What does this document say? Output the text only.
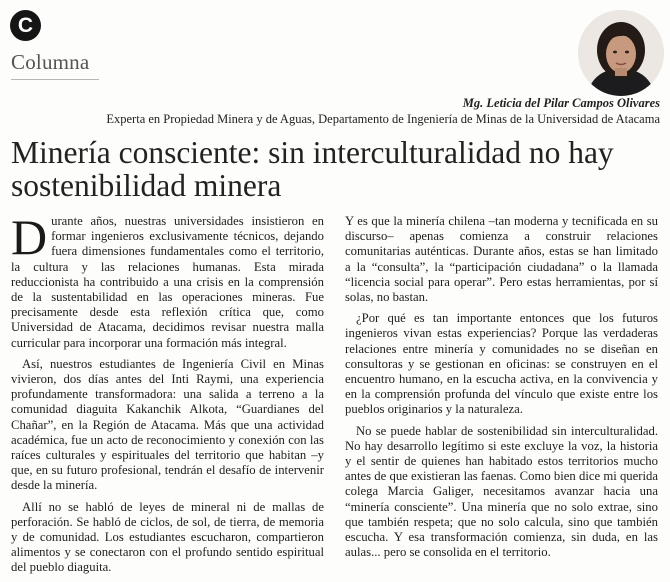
C
Columna
Mg. Leticia del Pilar Campos Olivares
Experta en Propiedad Minera y de Aguas, Departamento de Ingeniería de Minas de la Universidad de Atacama
Minería consciente: sin interculturalidad no hay sostenibilidad minera

Durante años, nuestras universidades insistieron en formar ingenieros exclusivamente técnicos, dejando fuera dimensiones fundamentales como el territorio, la cultura y las relaciones humanas. Esta mirada reduccionista ha contribuido a una crisis en la comprensión de la sustentabilidad en las operaciones mineras. Fue precisamente desde esta reflexión crítica que, como Universidad de Atacama, decidimos revisar nuestra malla curricular para incorporar una formación más integral.

Así, nuestros estudiantes de Ingeniería Civil en Minas vivieron, dos días antes del Inti Raymi, una experiencia profundamente transformadora: una salida a terreno a la comunidad diaguita Kakanchik Alkota, “Guardianes del Chañar”, en la Región de Atacama. Más que una actividad académica, fue un acto de reconocimiento y conexión con las raíces culturales y espirituales del territorio que habitan –y que, en su futuro profesional, tendrán el desafío de intervenir desde la minería.

Allí no se habló de leyes de mineral ni de mallas de perforación. Se habló de ciclos, de sol, de tierra, de memoria y de comunidad. Los estudiantes escucharon, compartieron alimentos y se conectaron con el profundo sentido espiritual del pueblo diaguita.

Y es que la minería chilena –tan moderna y tecnificada en su discurso– apenas comienza a construir relaciones comunitarias auténticas. Durante años, estas se han limitado a la “consulta”, la “participación ciudadana” o la llamada “licencia social para operar”. Pero estas herramientas, por sí solas, no bastan.

¿Por qué es tan importante entonces que los futuros ingenieros vivan estas experiencias? Porque las verdaderas relaciones entre minería y comunidades no se diseñan en consultoras y se gestionan en oficinas: se construyen en el encuentro humano, en la escucha activa, en la convivencia y en la comprensión profunda del vínculo que existe entre los pueblos originarios y la naturaleza.

No se puede hablar de sostenibilidad sin interculturalidad. No hay desarrollo legítimo si este excluye la voz, la historia y el sentir de quienes han habitado estos territorios mucho antes de que existieran las faenas. Como bien dice mi querida colega Marcia Galiger, necesitamos avanzar hacia una “minería consciente”. Una minería que no solo extrae, sino que también respeta; que no solo calcula, sino que también escucha. Y esa transformación comienza, sin duda, en las aulas... pero se consolida en el territorio.
